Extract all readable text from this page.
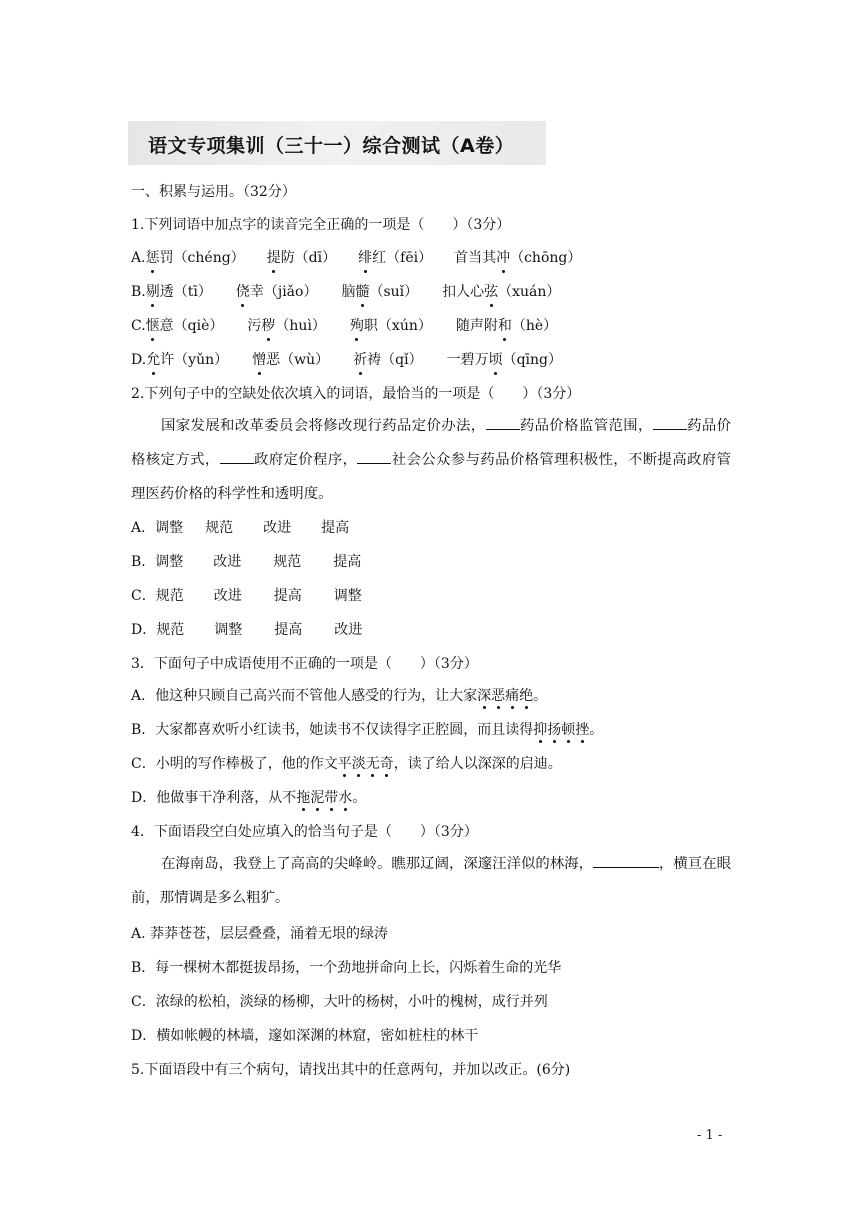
语文专项集训（三十一）综合测试（A卷）
一、积累与运用。（32分）
1.下列词语中加点字的读音完全正确的一项是（　　）（3分）
A.惩罚（chéng） 提防（dī） 绯红（fēi） 首当其冲（chōng）
B.剔透（tī） 侥幸（jiǎo） 脑髓（suǐ） 扣人心弦（xuán）
C.惬意（qiè） 污秽（huì） 殉职（xún） 随声附和（hè）
D.允许（yǔn） 憎恶（wù） 祈祷（qǐ） 一碧万顷（qīng）
2.下列句子中的空缺处依次填入的词语，最恰当的一项是（　　）（3分）
国家发展和改革委员会将修改现行药品定价办法， 药品价格监管范围， 药品价格核定方式， 政府定价程序， 社会公众参与药品价格管理积极性，不断提高政府管理医药价格的科学性和透明度。
A．调整 规范 改进 提高
B．调整 改进 规范 提高
C．规范 改进 提高 调整
D．规范 调整 提高 改进
3．下面句子中成语使用不正确的一项是（　　）（3分）
A．他这种只顾自己高兴而不管他人感受的行为，让大家深恶痛绝。
B．大家都喜欢听小红读书，她读书不仅读得字正腔圆，而且读得抑扬顿挫。
C．小明的写作棒极了，他的作文平淡无奇，读了给人以深深的启迪。
D．他做事干净利落，从不拖泥带水。
4．下面语段空白处应填入的恰当句子是（　　）（3分）
在海南岛，我登上了高高的尖峰岭。瞧那辽阔，深邃汪洋似的林海，	，横亘在眼前，那情调是多么粗犷。
A. 莽莽苍苍，层层叠叠，涌着无垠的绿涛
B．每一棵树木都挺拔昂扬，一个劲地拼命向上长，闪烁着生命的光华
C．浓绿的松柏，淡绿的杨柳，大叶的杨树，小叶的槐树，成行并列
D．横如帐幔的林墙，邃如深渊的林窟，密如桩柱的林干
5.下面语段中有三个病句，请找出其中的任意两句，并加以改正。(6分)
- 1 -
